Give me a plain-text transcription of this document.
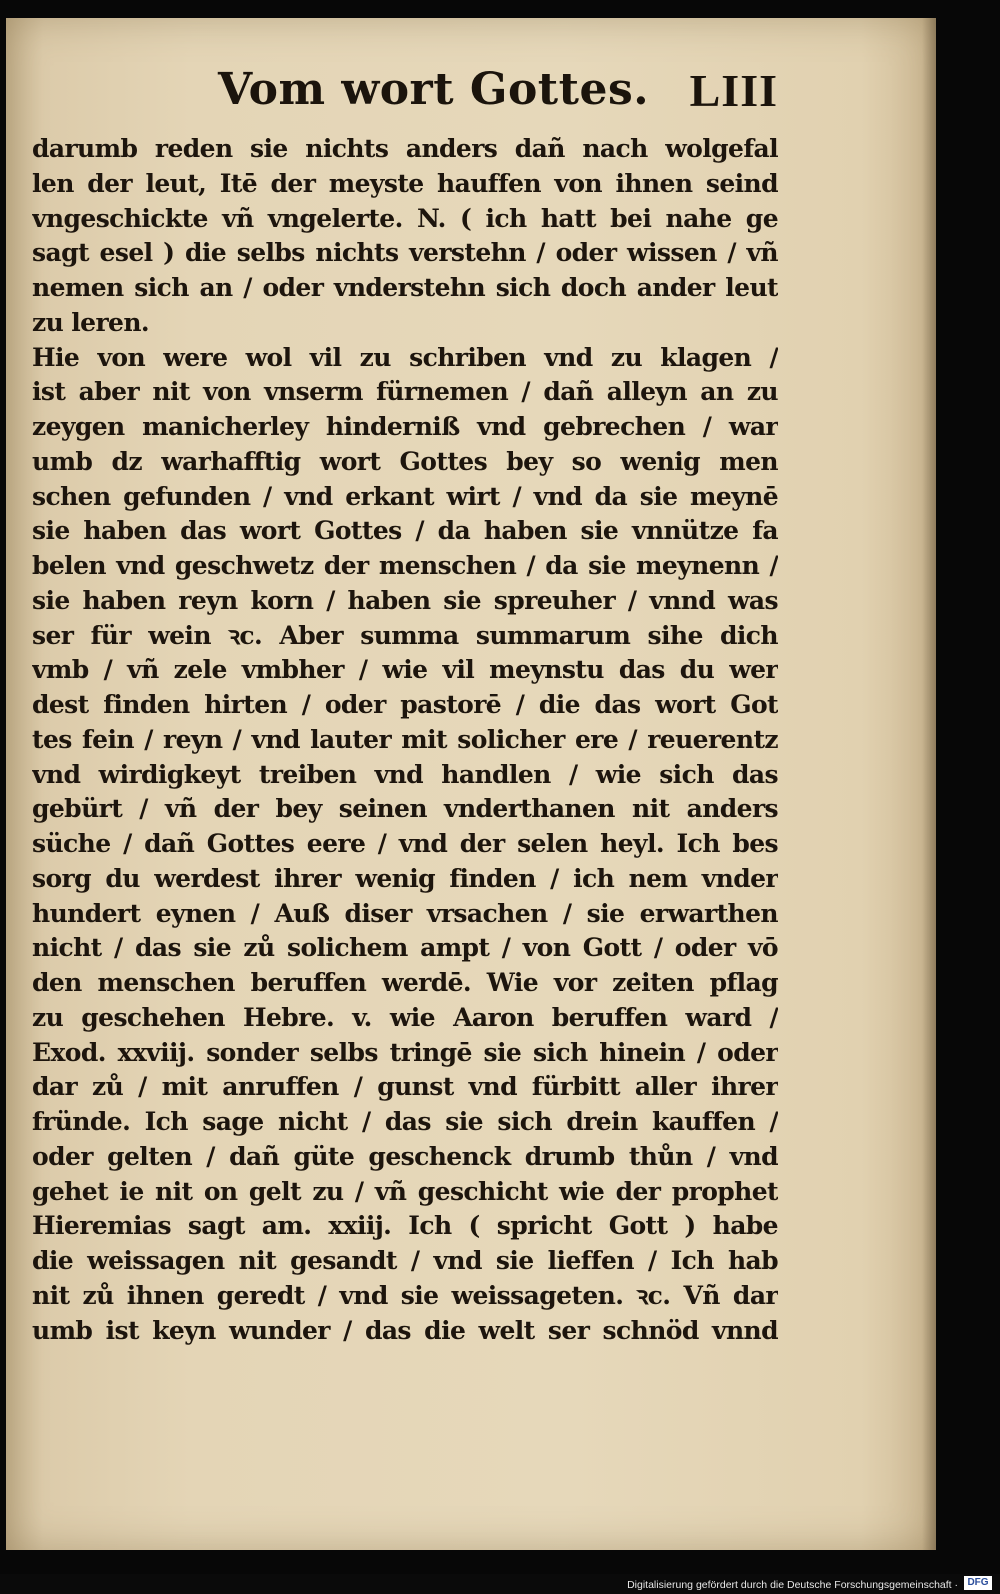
Vom wort Gottes. LIII
darumb reden sie nichts anders dañ nach wolgefal
len der leut, Itē der meyste hauffen von ihnen seind
vngeschickte vñ vngelerte. N. ( ich hatt bei nahe ge
sagt esel ) die selbs nichts verstehn / oder wissen / vñ
nemen sich an / oder vnderstehn sich doch ander leut
zu leren.
Hie von were wol vil zu schriben vnd zu klagen /
ist aber nit von vnserm fürnemen / dañ alleyn an zu
zeygen manicherley hinderniß vnd gebrechen / war
umb dz warhafftig wort Gottes bey so wenig men
schen gefunden / vnd erkant wirt / vnd da sie meynē
sie haben das wort Gottes / da haben sie vnnütze fa
belen vnd geschwetz der menschen / da sie meynenn /
sie haben reyn korn / haben sie spreuher / vnnd was
ser für wein ꝛc. Aber summa summarum sihe dich
vmb / vñ zele vmbher / wie vil meynstu das du wer
dest finden hirten / oder pastorē / die das wort Got
tes fein / reyn / vnd lauter mit solicher ere / reuerentz
vnd wirdigkeyt treiben vnd handlen / wie sich das
gebürt / vñ der bey seinen vnderthanen nit anders
süche / dañ Gottes eere / vnd der selen heyl. Ich bes
sorg du werdest ihrer wenig finden / ich nem vnder
hundert eynen / Auß diser vrsachen / sie erwarthen
nicht / das sie zů solichem ampt / von Gott / oder vō
den menschen beruffen werdē. Wie vor zeiten pflag
zu geschehen Hebre. v. wie Aaron beruffen ward /
Exod. xxviij. sonder selbs tringē sie sich hinein / oder
dar zů / mit anruffen / gunst vnd fürbitt aller ihrer
fründe. Ich sage nicht / das sie sich drein kauffen /
oder gelten / dañ güte geschenck drumb thůn / vnd
gehet ie nit on gelt zu / vñ geschicht wie der prophet
Hieremias sagt am. xxiij. Ich ( spricht Gott ) habe
die weissagen nit gesandt / vnd sie lieffen / Ich hab
nit zů ihnen geredt / vnd sie weissageten. ꝛc. Vñ dar
umb ist keyn wunder / das die welt ser schnöd vnnd
Digitalisierung gefördert durch die Deutsche Forschungsgemeinschaft · DFG
